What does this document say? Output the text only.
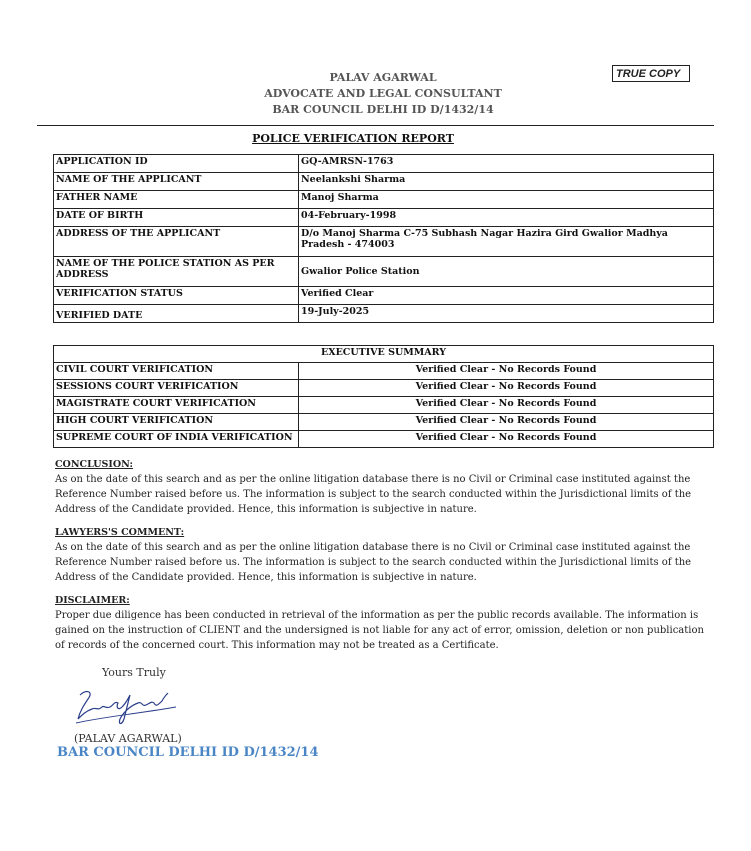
TRUE COPY
PALAV AGARWAL
ADVOCATE AND LEGAL CONSULTANT
BAR COUNCIL DELHI ID D/1432/14
POLICE VERIFICATION REPORT
APPLICATION ID	GQ-AMRSN-1763
NAME OF THE APPLICANT	Neelankshi Sharma
FATHER NAME	Manoj Sharma
DATE OF BIRTH	04-February-1998
ADDRESS OF THE APPLICANT	D/o Manoj Sharma C-75 Subhash Nagar Hazira Gird Gwalior Madhya Pradesh - 474003
NAME OF THE POLICE STATION AS PER ADDRESS	Gwalior Police Station
VERIFICATION STATUS	Verified Clear
VERIFIED DATE	19-July-2025
EXECUTIVE SUMMARY	
CIVIL COURT VERIFICATION	Verified Clear - No Records Found
SESSIONS COURT VERIFICATION	Verified Clear - No Records Found
MAGISTRATE COURT VERIFICATION	Verified Clear - No Records Found
HIGH COURT VERIFICATION	Verified Clear - No Records Found
SUPREME COURT OF INDIA VERIFICATION	Verified Clear - No Records Found
CONCLUSION:
As on the date of this search and as per the online litigation database there is no Civil or Criminal case instituted against the Reference Number raised before us. The information is subject to the search conducted within the Jurisdictional limits of the Address of the Candidate provided. Hence, this information is subjective in nature.
LAWYERS'S COMMENT:
As on the date of this search and as per the online litigation database there is no Civil or Criminal case instituted against the Reference Number raised before us. The information is subject to the search conducted within the Jurisdictional limits of the Address of the Candidate provided. Hence, this information is subjective in nature.
DISCLAIMER:
Proper due diligence has been conducted in retrieval of the information as per the public records available. The information is gained on the instruction of CLIENT and the undersigned is not liable for any act of error, omission, deletion or non publication of records of the concerned court. This information may not be treated as a Certificate.
Yours Truly
(PALAV AGARWAL)
BAR COUNCIL DELHI ID D/1432/14
